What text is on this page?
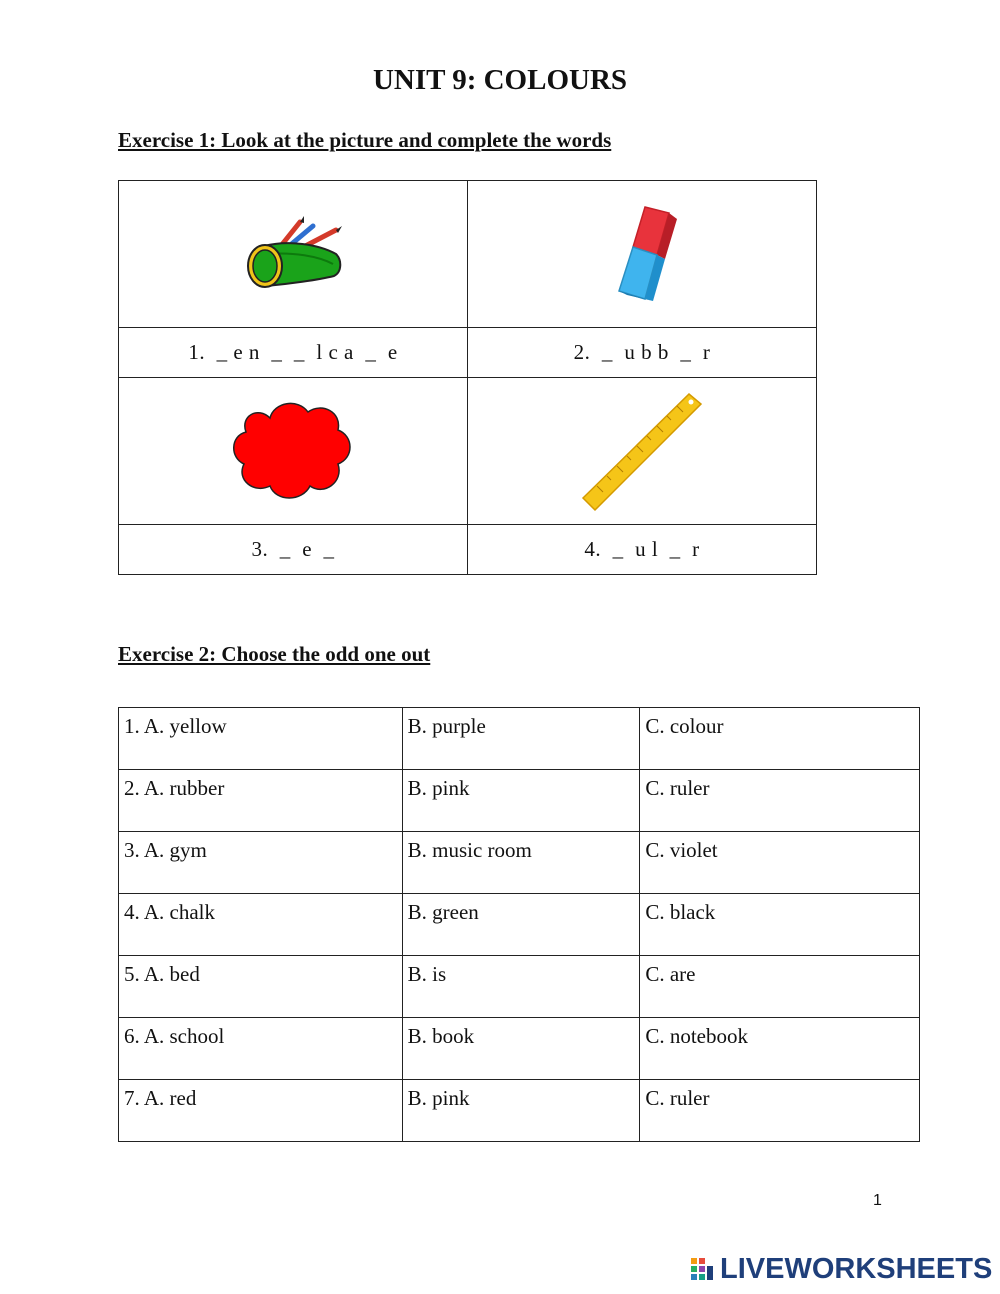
UNIT 9: COLOURS
Exercise 1: Look at the picture and complete the words

1.  _ e n  _  _  l c a  _  e	2.  _  u b b  _  r

3.  _  e  _	4.  _  u l  _  r
Exercise 2: Choose the odd one out
1. A. yellow	B. purple	C. colour
2. A. rubber	B. pink	C. ruler
3. A. gym	B. music room	C. violet
4. A. chalk	B. green	C. black
5. A. bed	B. is	C. are
6. A. school	B. book	C. notebook
7. A. red	B. pink	C. ruler
1
LIVEWORKSHEETS
